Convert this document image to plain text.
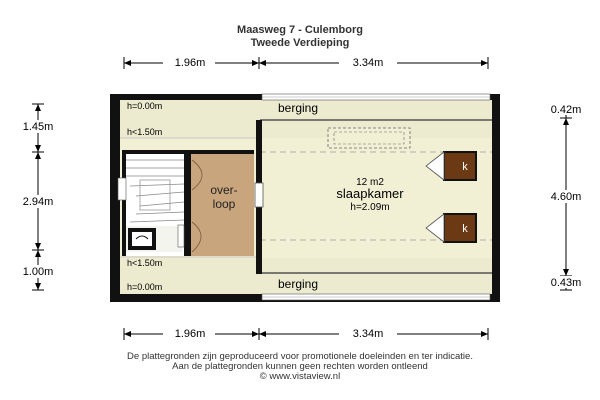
Maasweg 7 - Culemborg
Tweede Verdieping
1.96m	3.34m
1.96m	3.34m
1.45m
2.94m
1.00m
0.42m
4.60m
0.43m
k
k
berging
berging
h=0.00m
h<1.50m
h<1.50m
h=0.00m
over-
loop
12 m2
slaapkamer
h=2.09m
De plattegronden zijn geproduceerd voor promotionele doeleinden en ter indicatie.
Aan de plattegronden kunnen geen rechten worden ontleend
© www.vistaview.nl
